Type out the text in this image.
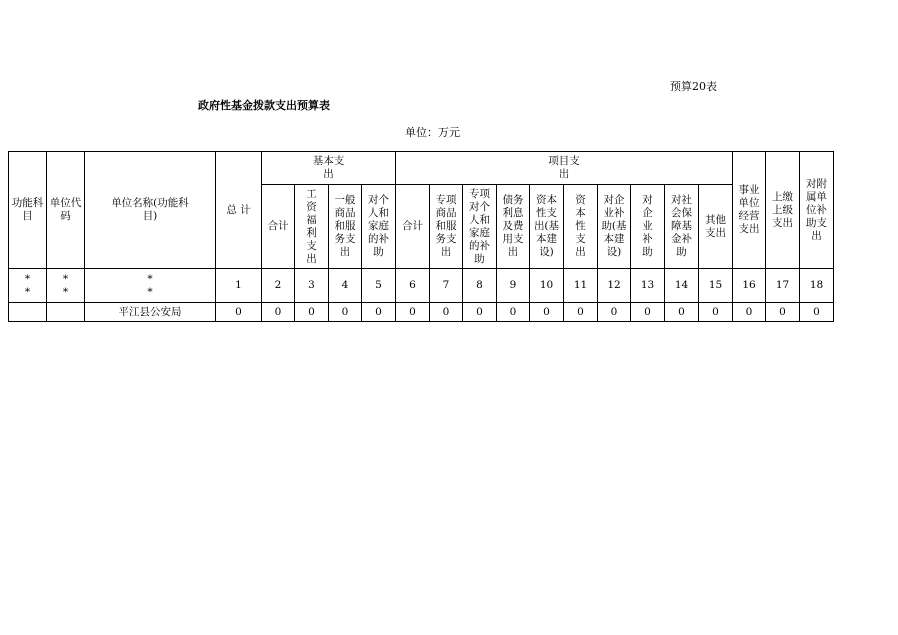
预算20表
政府性基金拨款支出预算表
单位：万元
功能科目	单位代码	单位名称(功能科目)	总 计	基本支出				项目支出										事业单位经营支出	上缴上级支出	对附属单位补助支出
				合计	工资福利支出	一般商品和服务支出	对个人和家庭的补助	合计	专项商品和服务支出	专项对个人和家庭的补助	债务利息及费用支出	资本性支出(基本建设)	资本性支出	对企业补助(基本建设)	对企业补助	对社会保障基金补助	其他支出			
* *	* *	* *	1	2	3	4	5	6	7	8	9	10	11	12	13	14	15	16	17	18
		平江县公安局	0	0	0	0	0	0	0	0	0	0	0	0	0	0	0	0	0	0
